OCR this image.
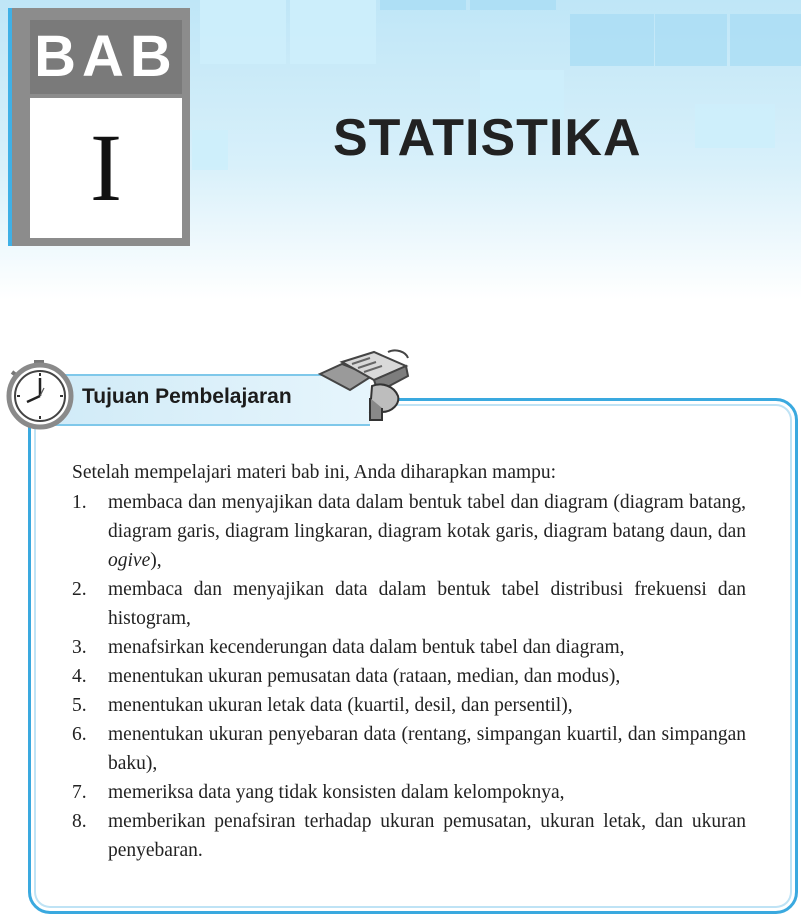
BAB
I	STATISTIKA
Tujuan Pembelajaran

Setelah mempelajari materi bab ini, Anda diharapkan mampu:

1. membaca dan menyajikan data dalam bentuk tabel dan diagram (diagram batang, diagram garis, diagram lingkaran, diagram kotak garis, diagram batang daun, dan ogive),
2. membaca dan menyajikan data dalam bentuk tabel distribusi frekuensi dan histogram,
3. menafsirkan kecenderungan data dalam bentuk tabel dan diagram,
4. menentukan ukuran pemusatan data (rataan, median, dan modus),
5. menentukan ukuran letak data (kuartil, desil, dan persentil),
6. menentukan ukuran penyebaran data (rentang, simpangan kuartil, dan simpangan baku),
7. memeriksa data yang tidak konsisten dalam kelompoknya,
8. memberikan penafsiran terhadap ukuran pemusatan, ukuran letak, dan ukuran penyebaran.
